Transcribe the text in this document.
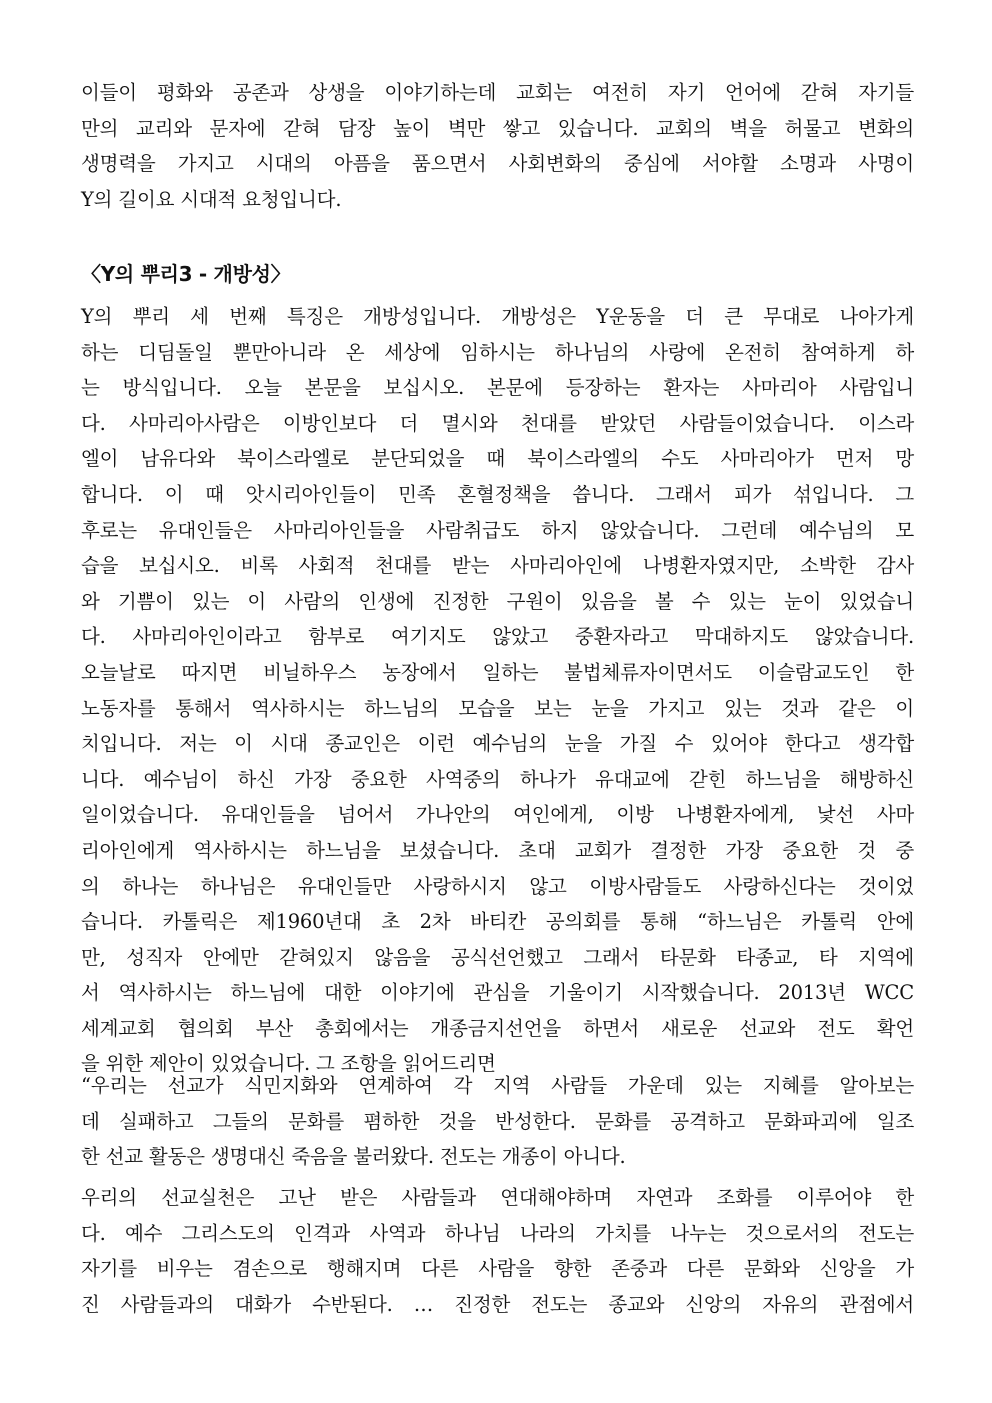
이들이 평화와 공존과 상생을 이야기하는데 교회는 여전히 자기 언어에 갇혀 자기들
만의 교리와 문자에 갇혀 담장 높이 벽만 쌓고 있습니다. 교회의 벽을 허물고 변화의
생명력을 가지고 시대의 아픔을 품으면서 사회변화의 중심에 서야할 소명과 사명이
Y의 길이요 시대적 요청입니다.
〈Y의 뿌리3 - 개방성〉
Y의 뿌리 세 번째 특징은 개방성입니다. 개방성은 Y운동을 더 큰 무대로 나아가게
하는 디딤돌일 뿐만아니라 온 세상에 임하시는 하나님의 사랑에 온전히 참여하게 하
는 방식입니다. 오늘 본문을 보십시오. 본문에 등장하는 환자는 사마리아 사람입니
다. 사마리아사람은 이방인보다 더 멸시와 천대를 받았던 사람들이었습니다. 이스라
엘이 남유다와 북이스라엘로 분단되었을 때 북이스라엘의 수도 사마리아가 먼저 망
합니다. 이 때 앗시리아인들이 민족 혼혈정책을 씁니다. 그래서 피가 섞입니다. 그
후로는 유대인들은 사마리아인들을 사람취급도 하지 않았습니다. 그런데 예수님의 모
습을 보십시오. 비록 사회적 천대를 받는 사마리아인에 나병환자였지만, 소박한 감사
와 기쁨이 있는 이 사람의 인생에 진정한 구원이 있음을 볼 수 있는 눈이 있었습니
다. 사마리아인이라고 함부로 여기지도 않았고 중환자라고 막대하지도 않았습니다.
오늘날로 따지면 비닐하우스 농장에서 일하는 불법체류자이면서도 이슬람교도인 한
노동자를 통해서 역사하시는 하느님의 모습을 보는 눈을 가지고 있는 것과 같은 이
치입니다. 저는 이 시대 종교인은 이런 예수님의 눈을 가질 수 있어야 한다고 생각합
니다. 예수님이 하신 가장 중요한 사역중의 하나가 유대교에 갇힌 하느님을 해방하신
일이었습니다. 유대인들을 넘어서 가나안의 여인에게, 이방 나병환자에게, 낯선 사마
리아인에게 역사하시는 하느님을 보셨습니다. 초대 교회가 결정한 가장 중요한 것 중
의 하나는 하나님은 유대인들만 사랑하시지 않고 이방사람들도 사랑하신다는 것이었
습니다. 카톨릭은 제1960년대 초 2차 바티칸 공의회를 통해 “하느님은 카톨릭 안에
만, 성직자 안에만 갇혀있지 않음을 공식선언했고 그래서 타문화 타종교, 타 지역에
서 역사하시는 하느님에 대한 이야기에 관심을 기울이기 시작했습니다. 2013년 WCC
세계교회 협의회 부산 총회에서는 개종금지선언을 하면서 새로운 선교와 전도 확언
을 위한 제안이 있었습니다. 그 조항을 읽어드리면
“우리는 선교가 식민지화와 연계하여 각 지역 사람들 가운데 있는 지혜를 알아보는
데 실패하고 그들의 문화를 폄하한 것을 반성한다. 문화를 공격하고 문화파괴에 일조
한 선교 활동은 생명대신 죽음을 불러왔다. 전도는 개종이 아니다.
우리의 선교실천은 고난 받은 사람들과 연대해야하며 자연과 조화를 이루어야 한
다. 예수 그리스도의 인격과 사역과 하나님 나라의 가치를 나누는 것으로서의 전도는
자기를 비우는 겸손으로 행해지며 다른 사람을 향한 존중과 다른 문화와 신앙을 가
진 사람들과의 대화가 수반된다. … 진정한 전도는 종교와 신앙의 자유의 관점에서
